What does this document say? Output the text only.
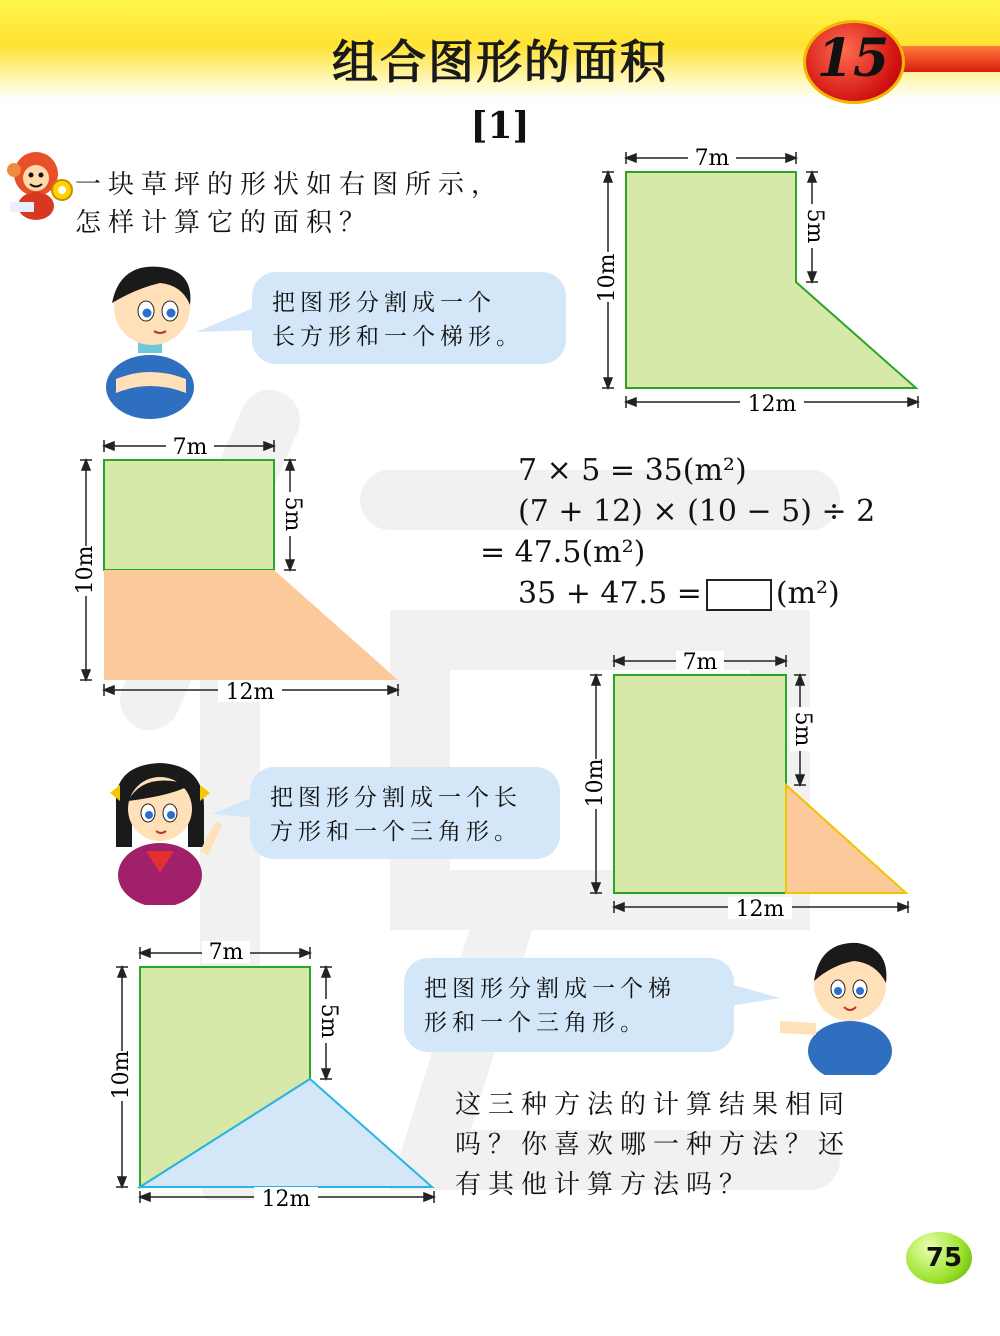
组合图形的面积	15
[1]
一块草坪的形状如右图所示，
怎样计算它的面积？
把图形分割成一个
长方形和一个梯形。
7m
10m
5m
12m
7m
10m
5m
12m
7 × 5 = 35(m²)
(7 + 12) × (10 − 5) ÷ 2
= 47.5(m²)
35 + 47.5 = (m²)
7m
10m
5m
12m
把图形分割成一个长
方形和一个三角形。
7m
10m
5m
12m
把图形分割成一个梯
形和一个三角形。
这三种方法的计算结果相同
吗？你喜欢哪一种方法？还
有其他计算方法吗？
75
